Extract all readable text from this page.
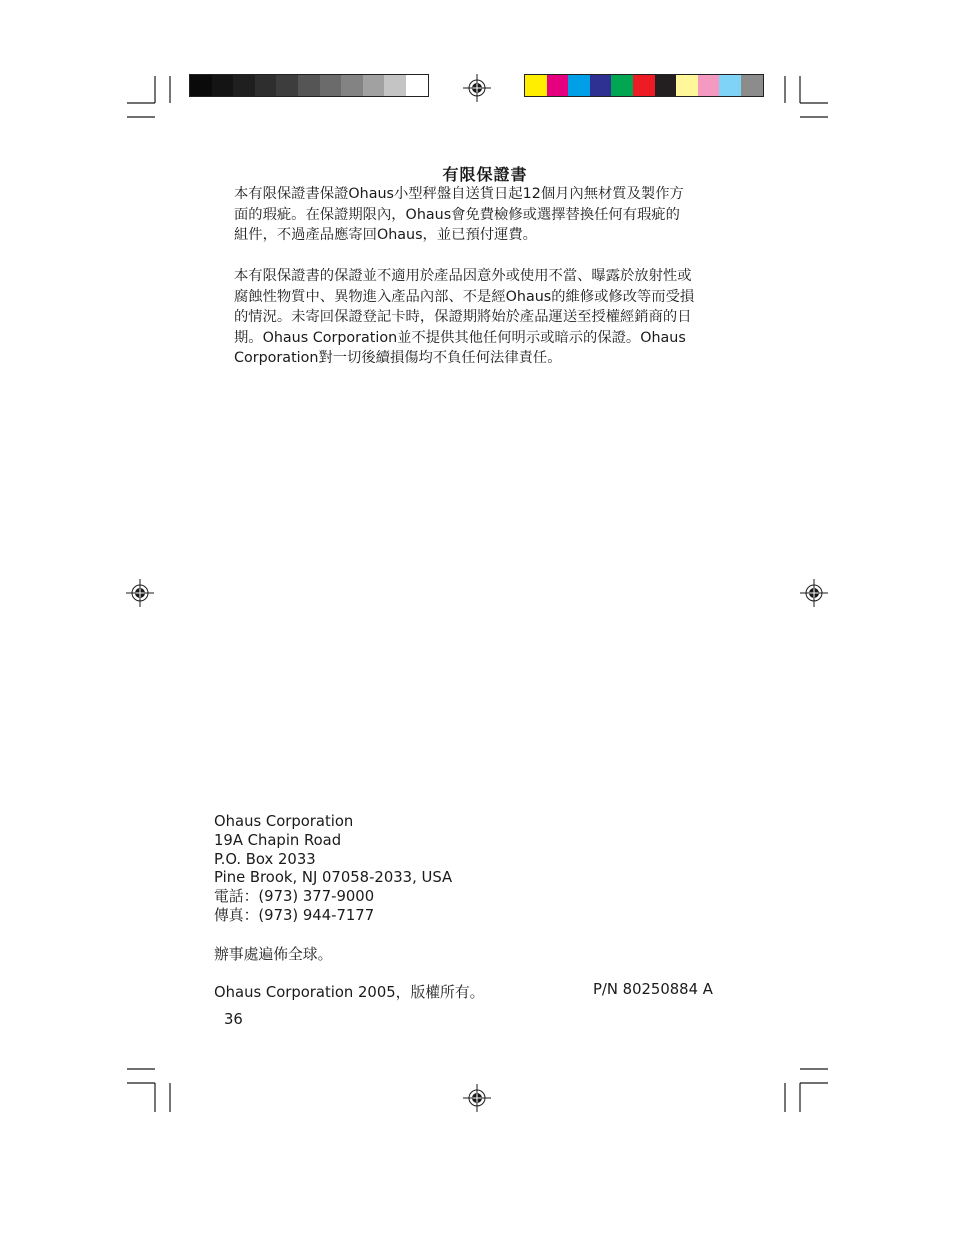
有限保證書
本有限保證書保證Ohaus小型秤盤自送貨日起12個月內無材質及製作方
面的瑕疵。在保證期限內，Ohaus會免費檢修或選擇替換任何有瑕疵的
組件，不過產品應寄回Ohaus，並已預付運費。
本有限保證書的保證並不適用於產品因意外或使用不當、曝露於放射性或
腐蝕性物質中、異物進入產品內部、不是經Ohaus的維修或修改等而受損
的情況。未寄回保證登記卡時，保證期將始於產品運送至授權經銷商的日
期。Ohaus Corporation並不提供其他任何明示或暗示的保證。Ohaus
Corporation對一切後續損傷均不負任何法律責任。
Ohaus Corporation
19A Chapin Road
P.O. Box 2033
Pine Brook, NJ 07058-2033, USA
電話：(973) 377-9000
傳真：(973) 944-7177
辦事處遍佈全球。
Ohaus Corporation 2005，版權所有。	P/N 80250884 A
36
